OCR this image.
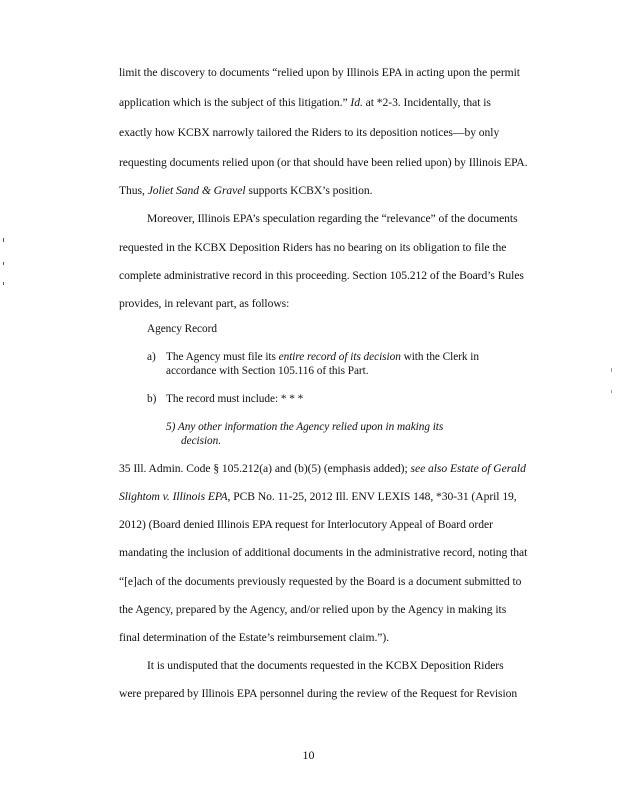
limit the discovery to documents “relied upon by Illinois EPA in acting upon the permit
application which is the subject of this litigation.” Id. at *2-3. Incidentally, that is
exactly how KCBX narrowly tailored the Riders to its deposition notices—by only
requesting documents relied upon (or that should have been relied upon) by Illinois EPA.
Thus, Joliet Sand & Gravel supports KCBX’s position.
Moreover, Illinois EPA’s speculation regarding the “relevance” of the documents
requested in the KCBX Deposition Riders has no bearing on its obligation to file the
complete administrative record in this proceeding. Section 105.212 of the Board’s Rules
provides, in relevant part, as follows:
Agency Record
a) The Agency must file its entire record of its decision with the Clerk in
accordance with Section 105.116 of this Part.
b) The record must include: * * *
5) Any other information the Agency relied upon in making its
decision.
35 Ill. Admin. Code § 105.212(a) and (b)(5) (emphasis added); see also Estate of Gerald
Slightom v. Illinois EPA, PCB No. 11-25, 2012 Ill. ENV LEXIS 148, *30-31 (April 19,
2012) (Board denied Illinois EPA request for Interlocutory Appeal of Board order
mandating the inclusion of additional documents in the administrative record, noting that
“[e]ach of the documents previously requested by the Board is a document submitted to
the Agency, prepared by the Agency, and/or relied upon by the Agency in making its
final determination of the Estate’s reimbursement claim.”).
It is undisputed that the documents requested in the KCBX Deposition Riders
were prepared by Illinois EPA personnel during the review of the Request for Revision
10
